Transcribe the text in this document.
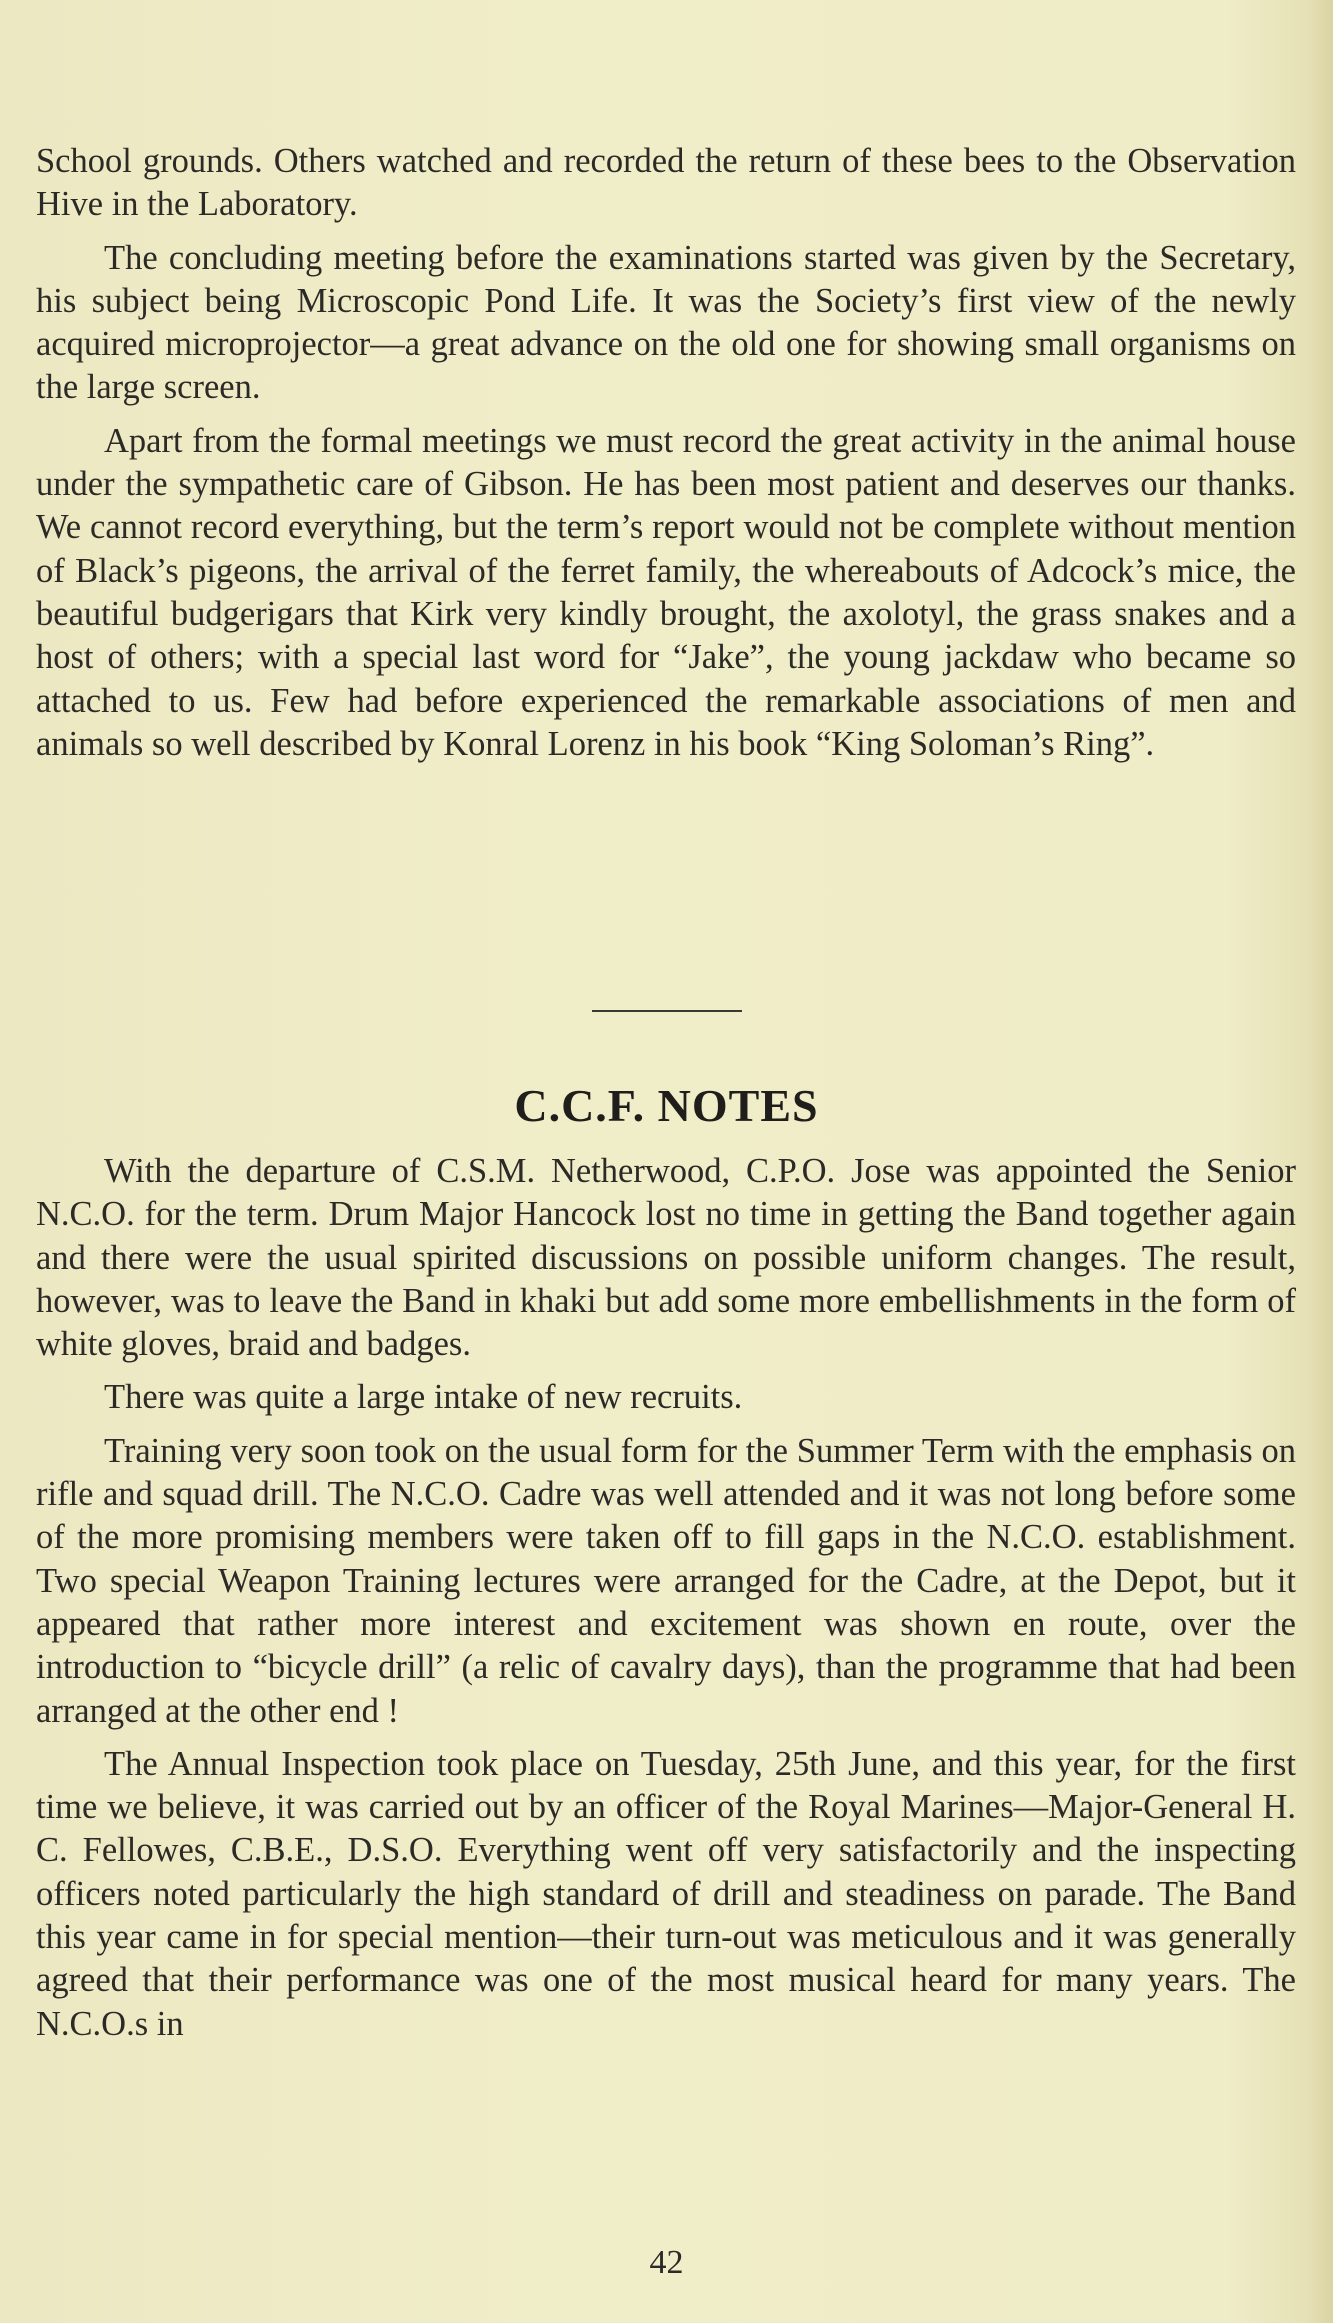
School grounds. Others watched and recorded the return of these bees to the Observation Hive in the Laboratory.

The concluding meeting before the examinations started was given by the Secretary, his subject being Microscopic Pond Life. It was the Society’s first view of the newly acquired microprojector—a great advance on the old one for showing small organisms on the large screen.

Apart from the formal meetings we must record the great activity in the animal house under the sympathetic care of Gibson. He has been most patient and deserves our thanks. We cannot record everything, but the term’s report would not be complete without mention of Black’s pigeons, the arrival of the ferret family, the whereabouts of Adcock’s mice, the beautiful budgerigars that Kirk very kindly brought, the axolotyl, the grass snakes and a host of others; with a special last word for “Jake”, the young jackdaw who became so attached to us. Few had before experienced the remarkable associations of men and animals so well described by Konral Lorenz in his book “King Soloman’s Ring”.

C.C.F. NOTES

With the departure of C.S.M. Netherwood, C.P.O. Jose was appointed the Senior N.C.O. for the term. Drum Major Hancock lost no time in getting the Band together again and there were the usual spirited discussions on possible uniform changes. The result, however, was to leave the Band in khaki but add some more embellishments in the form of white gloves, braid and badges.

There was quite a large intake of new recruits.

Training very soon took on the usual form for the Summer Term with the emphasis on rifle and squad drill. The N.C.O. Cadre was well attended and it was not long before some of the more promising members were taken off to fill gaps in the N.C.O. establishment. Two special Weapon Training lectures were arranged for the Cadre, at the Depot, but it appeared that rather more interest and excitement was shown en route, over the introduction to “bicycle drill” (a relic of cavalry days), than the programme that had been arranged at the other end !

The Annual Inspection took place on Tuesday, 25th June, and this year, for the first time we believe, it was carried out by an officer of the Royal Marines—Major-General H. C. Fellowes, C.B.E., D.S.O. Everything went off very satisfactorily and the inspecting officers noted particularly the high standard of drill and steadiness on parade. The Band this year came in for special mention—their turn-out was meticulous and it was generally agreed that their performance was one of the most musical heard for many years. The N.C.O.s in

42
